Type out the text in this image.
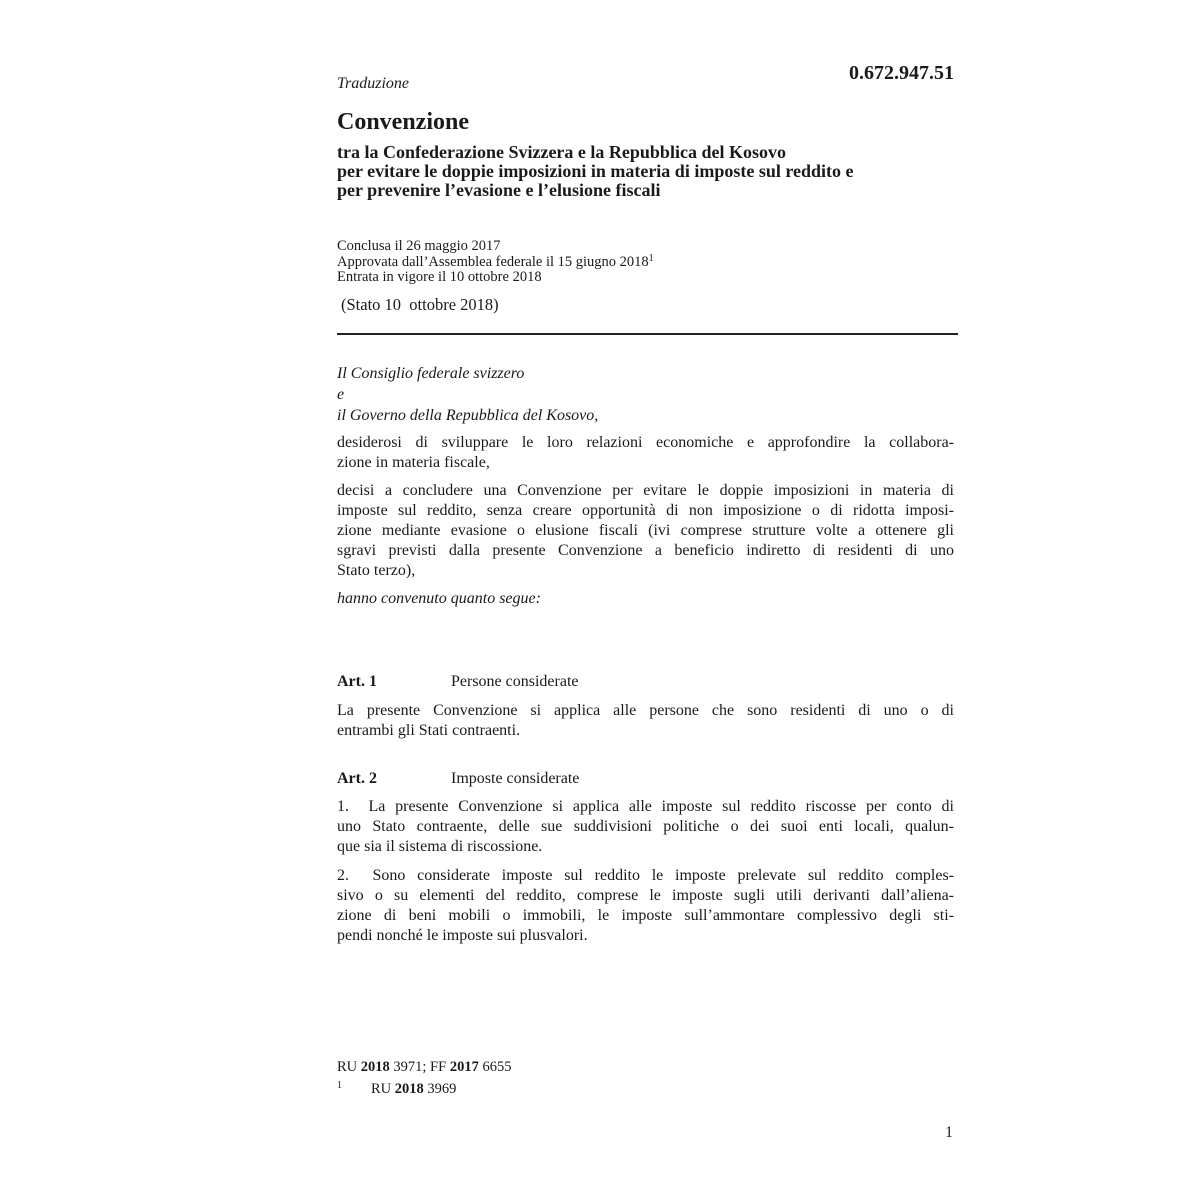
Traduzione	0.672.947.51
Convenzione
tra la Confederazione Svizzera e la Repubblica del Kosovo
per evitare le doppie imposizioni in materia di imposte sul reddito e
per prevenire l’evasione e l’elusione fiscali
Conclusa il 26 maggio 2017
Approvata dall’Assemblea federale il 15 giugno 2018$^1$
Entrata in vigore il 10 ottobre 2018
(Stato 10  ottobre 2018)
Il Consiglio federale svizzero
e
il Governo della Repubblica del Kosovo,
desiderosi di sviluppare le loro relazioni economiche e approfondire la collabora-
zione in materia fiscale,
decisi a concludere una Convenzione per evitare le doppie imposizioni in materia di
imposte sul reddito, senza creare opportunità di non imposizione o di ridotta imposi-
zione mediante evasione o elusione fiscali (ivi comprese strutture volte a ottenere gli
sgravi previsti dalla presente Convenzione a beneficio indiretto di residenti di uno
Stato terzo),
hanno convenuto quanto segue:
Art. 1	Persone considerate
La presente Convenzione si applica alle persone che sono residenti di uno o di
entrambi gli Stati contraenti.
Art. 2	Imposte considerate
1.  La presente Convenzione si applica alle imposte sul reddito riscosse per conto di
uno Stato contraente, delle sue suddivisioni politiche o dei suoi enti locali, qualun-
que sia il sistema di riscossione.
2.  Sono considerate imposte sul reddito le imposte prelevate sul reddito comples-
sivo o su elementi del reddito, comprese le imposte sugli utili derivanti dall’aliena-
zione di beni mobili o immobili, le imposte sull’ammontare complessivo degli sti-
pendi nonché le imposte sui plusvalori.
RU 2018 3971; FF 2017 6655
1 RU 2018 3969
1
